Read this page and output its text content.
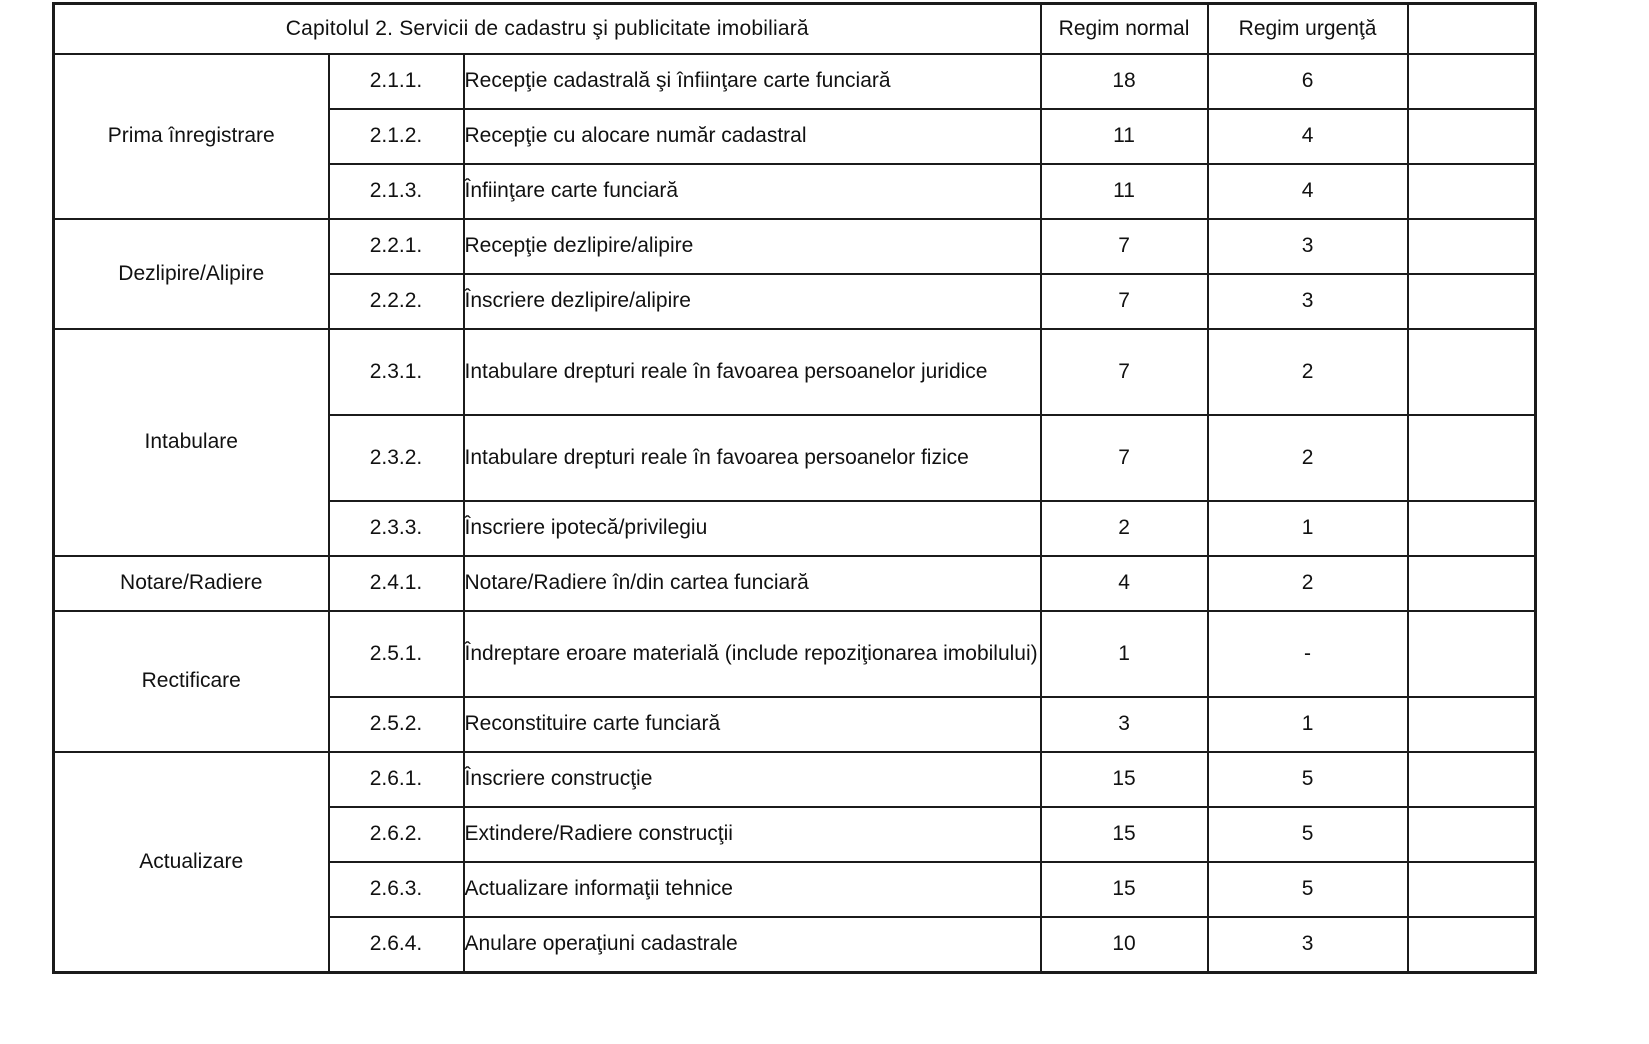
Capitolul 2. Servicii de cadastru şi publicitate imobiliară			Regim normal	Regim urgenţă	
Prima înregistrare	2.1.1.	Recepţie cadastrală şi înfiinţare carte funciară	18	6	
	2.1.2.	Recepţie cu alocare număr cadastral	11	4	
	2.1.3.	Înfiinţare carte funciară	11	4	
Dezlipire/Alipire	2.2.1.	Recepţie dezlipire/alipire	7	3	
	2.2.2.	Înscriere dezlipire/alipire	7	3	
Intabulare	2.3.1.	Intabulare drepturi reale în favoarea persoanelor juridice	7	2	
	2.3.2.	Intabulare drepturi reale în favoarea persoanelor fizice	7	2	
	2.3.3.	Înscriere ipotecă/privilegiu	2	1	
Notare/Radiere	2.4.1.	Notare/Radiere în/din cartea funciară	4	2	
Rectificare	2.5.1.	Îndreptare eroare materială (include repoziţionarea imobilului)	1	-	
	2.5.2.	Reconstituire carte funciară	3	1	
Actualizare	2.6.1.	Înscriere construcţie	15	5	
	2.6.2.	Extindere/Radiere construcţii	15	5	
	2.6.3.	Actualizare informaţii tehnice	15	5	
	2.6.4.	Anulare operaţiuni cadastrale	10	3	
